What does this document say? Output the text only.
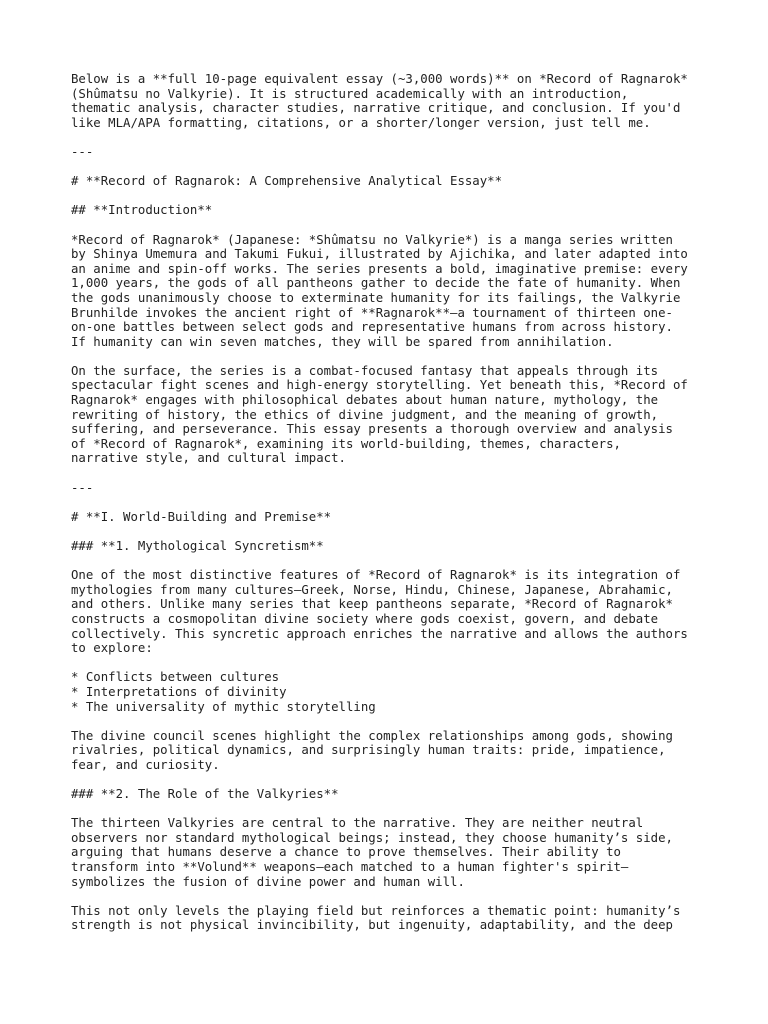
Below is a **full 10-page equivalent essay (~3,000 words)** on *Record of Ragnarok*

(Shûmatsu no Valkyrie). It is structured academically with an introduction,

thematic analysis, character studies, narrative critique, and conclusion. If you'd

like MLA/APA formatting, citations, or a shorter/longer version, just tell me.

---

# **Record of Ragnarok: A Comprehensive Analytical Essay**

## **Introduction**

*Record of Ragnarok* (Japanese: *Shûmatsu no Valkyrie*) is a manga series written

by Shinya Umemura and Takumi Fukui, illustrated by Ajichika, and later adapted into

an anime and spin-off works. The series presents a bold, imaginative premise: every

1,000 years, the gods of all pantheons gather to decide the fate of humanity. When

the gods unanimously choose to exterminate humanity for its failings, the Valkyrie

Brunhilde invokes the ancient right of **Ragnarok**—a tournament of thirteen one-

on-one battles between select gods and representative humans from across history.

If humanity can win seven matches, they will be spared from annihilation.

On the surface, the series is a combat-focused fantasy that appeals through its

spectacular fight scenes and high-energy storytelling. Yet beneath this, *Record of

Ragnarok* engages with philosophical debates about human nature, mythology, the

rewriting of history, the ethics of divine judgment, and the meaning of growth,

suffering, and perseverance. This essay presents a thorough overview and analysis

of *Record of Ragnarok*, examining its world-building, themes, characters,

narrative style, and cultural impact.

---

# **I. World-Building and Premise**

### **1. Mythological Syncretism**

One of the most distinctive features of *Record of Ragnarok* is its integration of

mythologies from many cultures—Greek, Norse, Hindu, Chinese, Japanese, Abrahamic,

and others. Unlike many series that keep pantheons separate, *Record of Ragnarok*

constructs a cosmopolitan divine society where gods coexist, govern, and debate

collectively. This syncretic approach enriches the narrative and allows the authors

to explore:

* Conflicts between cultures

* Interpretations of divinity

* The universality of mythic storytelling

The divine council scenes highlight the complex relationships among gods, showing

rivalries, political dynamics, and surprisingly human traits: pride, impatience,

fear, and curiosity.

### **2. The Role of the Valkyries**

The thirteen Valkyries are central to the narrative. They are neither neutral

observers nor standard mythological beings; instead, they choose humanity’s side,

arguing that humans deserve a chance to prove themselves. Their ability to

transform into **Volund** weapons—each matched to a human fighter's spirit—

symbolizes the fusion of divine power and human will.

This not only levels the playing field but reinforces a thematic point: humanity’s

strength is not physical invincibility, but ingenuity, adaptability, and the deep
